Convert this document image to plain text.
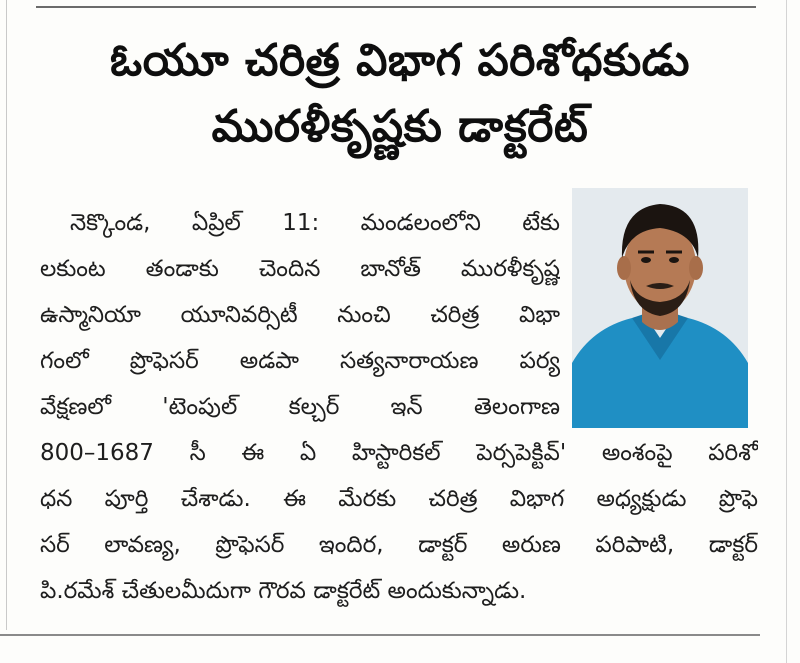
ఓయూ చరిత్ర విభాగ పరిశోధకుడు
మురళీకృష్ణకు డాక్టరేట్
నెక్కొండ, ఏప్రిల్ 11: మండలంలోని టేకు
లకుంట తండాకు చెందిన బానోత్ మురళీకృష్ణ
ఉస్మానియా యూనివర్సిటీ నుంచి చరిత్ర విభా
గంలో ప్రొఫెసర్ అడపా సత్యనారాయణ పర్య
వేక్షణలో 'టెంపుల్ కల్చర్ ఇన్ తెలంగాణ
800–1687 సీ ఈ ఏ హిస్టారికల్ పెర్సపెక్టివ్' అంశంపై పరిశో
ధన పూర్తి చేశాడు. ఈ మేరకు చరిత్ర విభాగ అధ్యక్షుడు ప్రొఫె
సర్ లావణ్య, ప్రొఫెసర్ ఇందిర, డాక్టర్ అరుణ పరిపాటి, డాక్టర్
పి.రమేశ్ చేతులమీదుగా గౌరవ డాక్టరేట్ అందుకున్నాడు.
